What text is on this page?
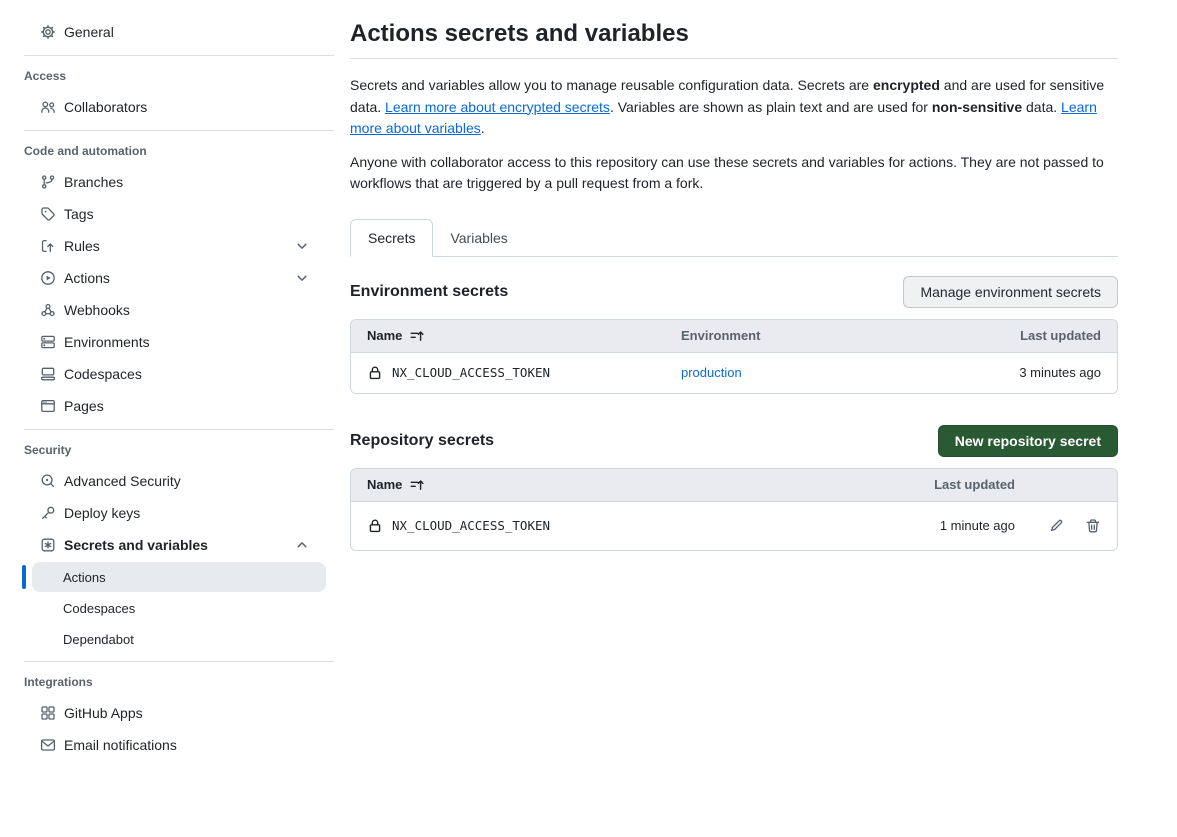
General
Access
Collaborators
Code and automation
Branches
Tags
Rules
Actions
Webhooks
Environments
Codespaces
Pages
Security
Advanced Security
Deploy keys
Secrets and variables
Actions
Codespaces
Dependabot
Integrations
GitHub Apps
Email notifications
Actions secrets and variables

Secrets and variables allow you to manage reusable configuration data. Secrets are encrypted and are used for sensitive data. Learn more about encrypted secrets. Variables are shown as plain text and are used for non-sensitive data. Learn more about variables.

Anyone with collaborator access to this repository can use these secrets and variables for actions. They are not passed to workflows that are triggered by a pull request from a fork.

Secrets	Variables
Environment secrets	Manage environment secrets
Name	Environment	Last updated
NX_CLOUD_ACCESS_TOKEN	production	3 minutes ago
Repository secrets	New repository secret
Name	Last updated
NX_CLOUD_ACCESS_TOKEN	1 minute ago
